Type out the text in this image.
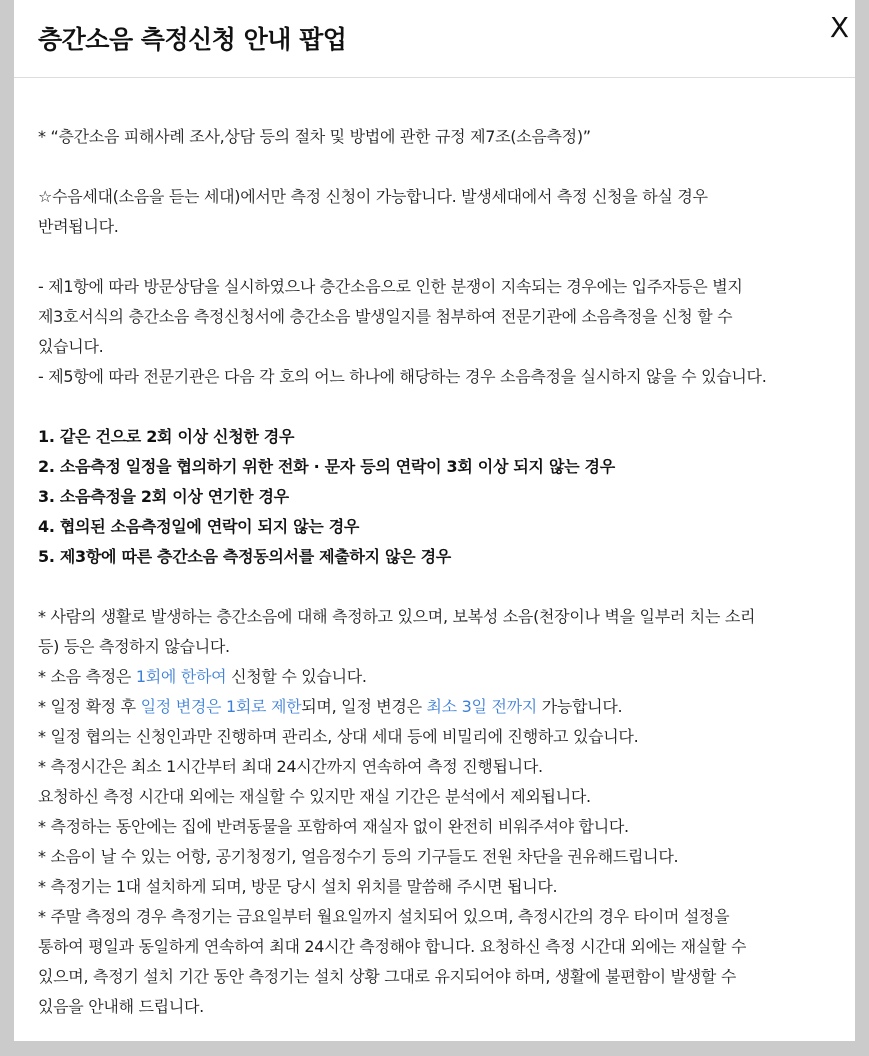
층간소음 측정신청 안내 팝업	X

* “층간소음 피해사례 조사,상담 등의 절차 및 방법에 관한 규정 제7조(소음측정)”

☆수음세대(소음을 듣는 세대)에서만 측정 신청이 가능합니다. 발생세대에서 측정 신청을 하실 경우

반려됩니다.

- 제1항에 따라 방문상담을 실시하였으나 층간소음으로 인한 분쟁이 지속되는 경우에는 입주자등은 별지

제3호서식의 층간소음 측정신청서에 층간소음 발생일지를 첨부하여 전문기관에 소음측정을 신청 할 수

있습니다.

- 제5항에 따라 전문기관은 다음 각 호의 어느 하나에 해당하는 경우 소음측정을 실시하지 않을 수 있습니다.

1. 같은 건으로 2회 이상 신청한 경우

2. 소음측정 일정을 협의하기 위한 전화 · 문자 등의 연락이 3회 이상 되지 않는 경우

3. 소음측정을 2회 이상 연기한 경우

4. 협의된 소음측정일에 연락이 되지 않는 경우

5. 제3항에 따른 층간소음 측정동의서를 제출하지 않은 경우

* 사람의 생활로 발생하는 층간소음에 대해 측정하고 있으며, 보복성 소음(천장이나 벽을 일부러 치는 소리

등) 등은 측정하지 않습니다.

* 소음 측정은 1회에 한하여 신청할 수 있습니다.

* 일정 확정 후 일정 변경은 1회로 제한되며, 일정 변경은 최소 3일 전까지 가능합니다.

* 일정 협의는 신청인과만 진행하며 관리소, 상대 세대 등에 비밀리에 진행하고 있습니다.

* 측정시간은 최소 1시간부터 최대 24시간까지 연속하여 측정 진행됩니다.

요청하신 측정 시간대 외에는 재실할 수 있지만 재실 기간은 분석에서 제외됩니다.

* 측정하는 동안에는 집에 반려동물을 포함하여 재실자 없이 완전히 비워주셔야 합니다.

* 소음이 날 수 있는 어항, 공기청정기, 얼음정수기 등의 기구들도 전원 차단을 권유해드립니다.

* 측정기는 1대 설치하게 되며, 방문 당시 설치 위치를 말씀해 주시면 됩니다.

* 주말 측정의 경우 측정기는 금요일부터 월요일까지 설치되어 있으며, 측정시간의 경우 타이머 설정을

통하여 평일과 동일하게 연속하여 최대 24시간 측정해야 합니다. 요청하신 측정 시간대 외에는 재실할 수

있으며, 측정기 설치 기간 동안 측정기는 설치 상황 그대로 유지되어야 하며, 생활에 불편함이 발생할 수

있음을 안내해 드립니다.
